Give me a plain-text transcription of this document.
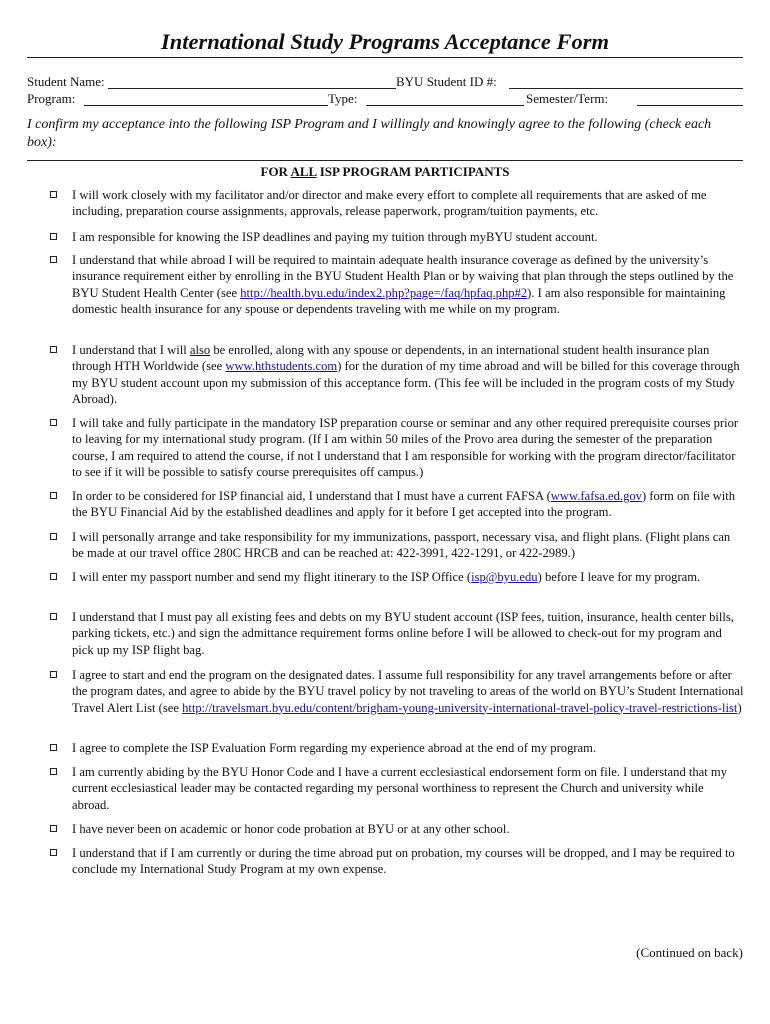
International Study Programs Acceptance Form
Student Name:	BYU Student ID #:
Program:	Type:	Semester/Term:
I confirm my acceptance into the following ISP Program and I willingly and knowingly agree to the following (check each box):
FOR ALL ISP PROGRAM PARTICIPANTS
I will work closely with my facilitator and/or director and make every effort to complete all requirements that are asked of me including, preparation course assignments, approvals, release paperwork, program/tuition payments, etc.
I am responsible for knowing the ISP deadlines and paying my tuition through myBYU student account.
I understand that while abroad I will be required to maintain adequate health insurance coverage as defined by the university’s insurance requirement either by enrolling in the BYU Student Health Plan or by waiving that plan through the steps outlined by the BYU Student Health Center (see http://health.byu.edu/index2.php?page=/faq/hpfaq.php#2). I am also responsible for maintaining domestic health insurance for any spouse or dependents traveling with me while on my program.
I understand that I will also be enrolled, along with any spouse or dependents, in an international student health insurance plan through HTH Worldwide (see www.hthstudents.com) for the duration of my time abroad and will be billed for this coverage through my BYU student account upon my submission of this acceptance form. (This fee will be included in the program costs of my Study Abroad).
I will take and fully participate in the mandatory ISP preparation course or seminar and any other required prerequisite courses prior to leaving for my international study program. (If I am within 50 miles of the Provo area during the semester of the preparation course, I am required to attend the course, if not I understand that I am responsible for working with the program director/facilitator to see if it will be possible to satisfy course prerequisites off campus.)
In order to be considered for ISP financial aid, I understand that I must have a current FAFSA (www.fafsa.ed.gov) form on file with the BYU Financial Aid by the established deadlines and apply for it before I get accepted into the program.
I will personally arrange and take responsibility for my immunizations, passport, necessary visa, and flight plans. (Flight plans can be made at our travel office 280C HRCB and can be reached at: 422-3991, 422-1291, or 422-2989.)
I will enter my passport number and send my flight itinerary to the ISP Office (isp@byu.edu) before I leave for my program.
I understand that I must pay all existing fees and debts on my BYU student account (ISP fees, tuition, insurance, health center bills, parking tickets, etc.) and sign the admittance requirement forms online before I will be allowed to check-out for my program and pick up my ISP flight bag.
I agree to start and end the program on the designated dates. I assume full responsibility for any travel arrangements before or after the program dates, and agree to abide by the BYU travel policy by not traveling to areas of the world on BYU’s Student International Travel Alert List (see http://travelsmart.byu.edu/content/brigham-young-university-international-travel-policy-travel-restrictions-list)
I agree to complete the ISP Evaluation Form regarding my experience abroad at the end of my program.
I am currently abiding by the BYU Honor Code and I have a current ecclesiastical endorsement form on file. I understand that my current ecclesiastical leader may be contacted regarding my personal worthiness to represent the Church and university while abroad.
I have never been on academic or honor code probation at BYU or at any other school.
I understand that if I am currently or during the time abroad put on probation, my courses will be dropped, and I may be required to conclude my International Study Program at my own expense.
(Continued on back)
